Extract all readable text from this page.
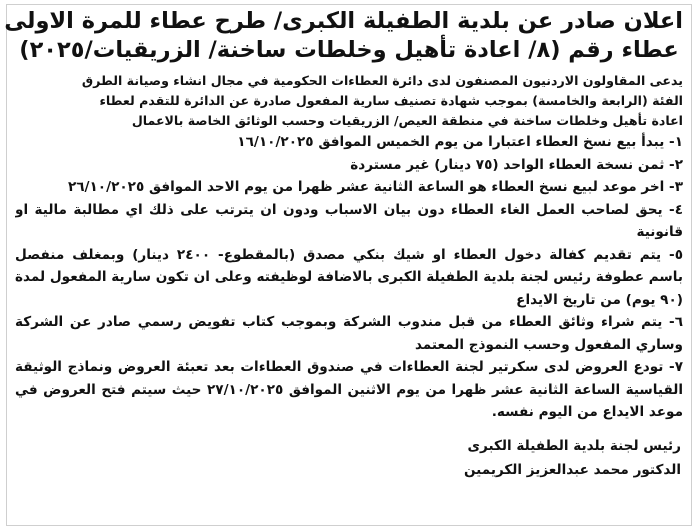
اعلان صادر عن بلدية الطفيلة الكبرى/ طرح عطاء للمرة الاولى
عطاء رقم (٨/ اعادة تأهيل وخلطات ساخنة/ الزريقيات/٢٠٢٥)
يدعى المقاولون الاردنيون المصنفون لدى دائرة العطاءات الحكومية في مجال انشاء وصيانة الطرق
الفئة (الرابعة والخامسة) بموجب شهادة تصنيف سارية المفعول صادرة عن الدائرة للتقدم لعطاء
اعادة تأهيل وخلطات ساخنة في منطقة العيص/ الزريقيات وحسب الوثائق الخاصة بالاعمال
١- يبدأ بيع نسخ العطاء اعتبارا من يوم الخميس الموافق ١٦/١٠/٢٠٢٥
٢- ثمن نسخة العطاء الواحد (٧٥ دينار) غير مستردة
٣- اخر موعد لبيع نسخ العطاء هو الساعة الثانية عشر ظهرا من يوم الاحد الموافق ٢٦/١٠/٢٠٢٥
٤- يحق لصاحب العمل الغاء العطاء دون بيان الاسباب ودون ان يترتب على ذلك اي مطالبة مالية او
قانونية
٥- يتم تقديم كفالة دخول العطاء او شيك بنكي مصدق (بالمقطوع- ٢٤٠٠ دينار) وبمغلف منفصل
باسم عطوفة رئيس لجنة بلدية الطفيلة الكبرى بالاضافة لوظيفته وعلى ان تكون سارية المفعول لمدة
(٩٠ يوم) من تاريخ الايداع
٦- يتم شراء وثائق العطاء من قبل مندوب الشركة وبموجب كتاب تفويض رسمي صادر عن الشركة
وساري المفعول وحسب النموذج المعتمد
٧- تودع العروض لدى سكرتير لجنة العطاءات في صندوق العطاءات بعد تعبئة العروض ونماذج الوثيقة
القياسية الساعة الثانية عشر ظهرا من يوم الاثنين الموافق ٢٧/١٠/٢٠٢٥ حيث سيتم فتح العروض في
موعد الايداع من اليوم نفسه.
رئيس لجنة بلدية الطفيلة الكبرى
الدكتور محمد عبدالعزيز الكريمين
